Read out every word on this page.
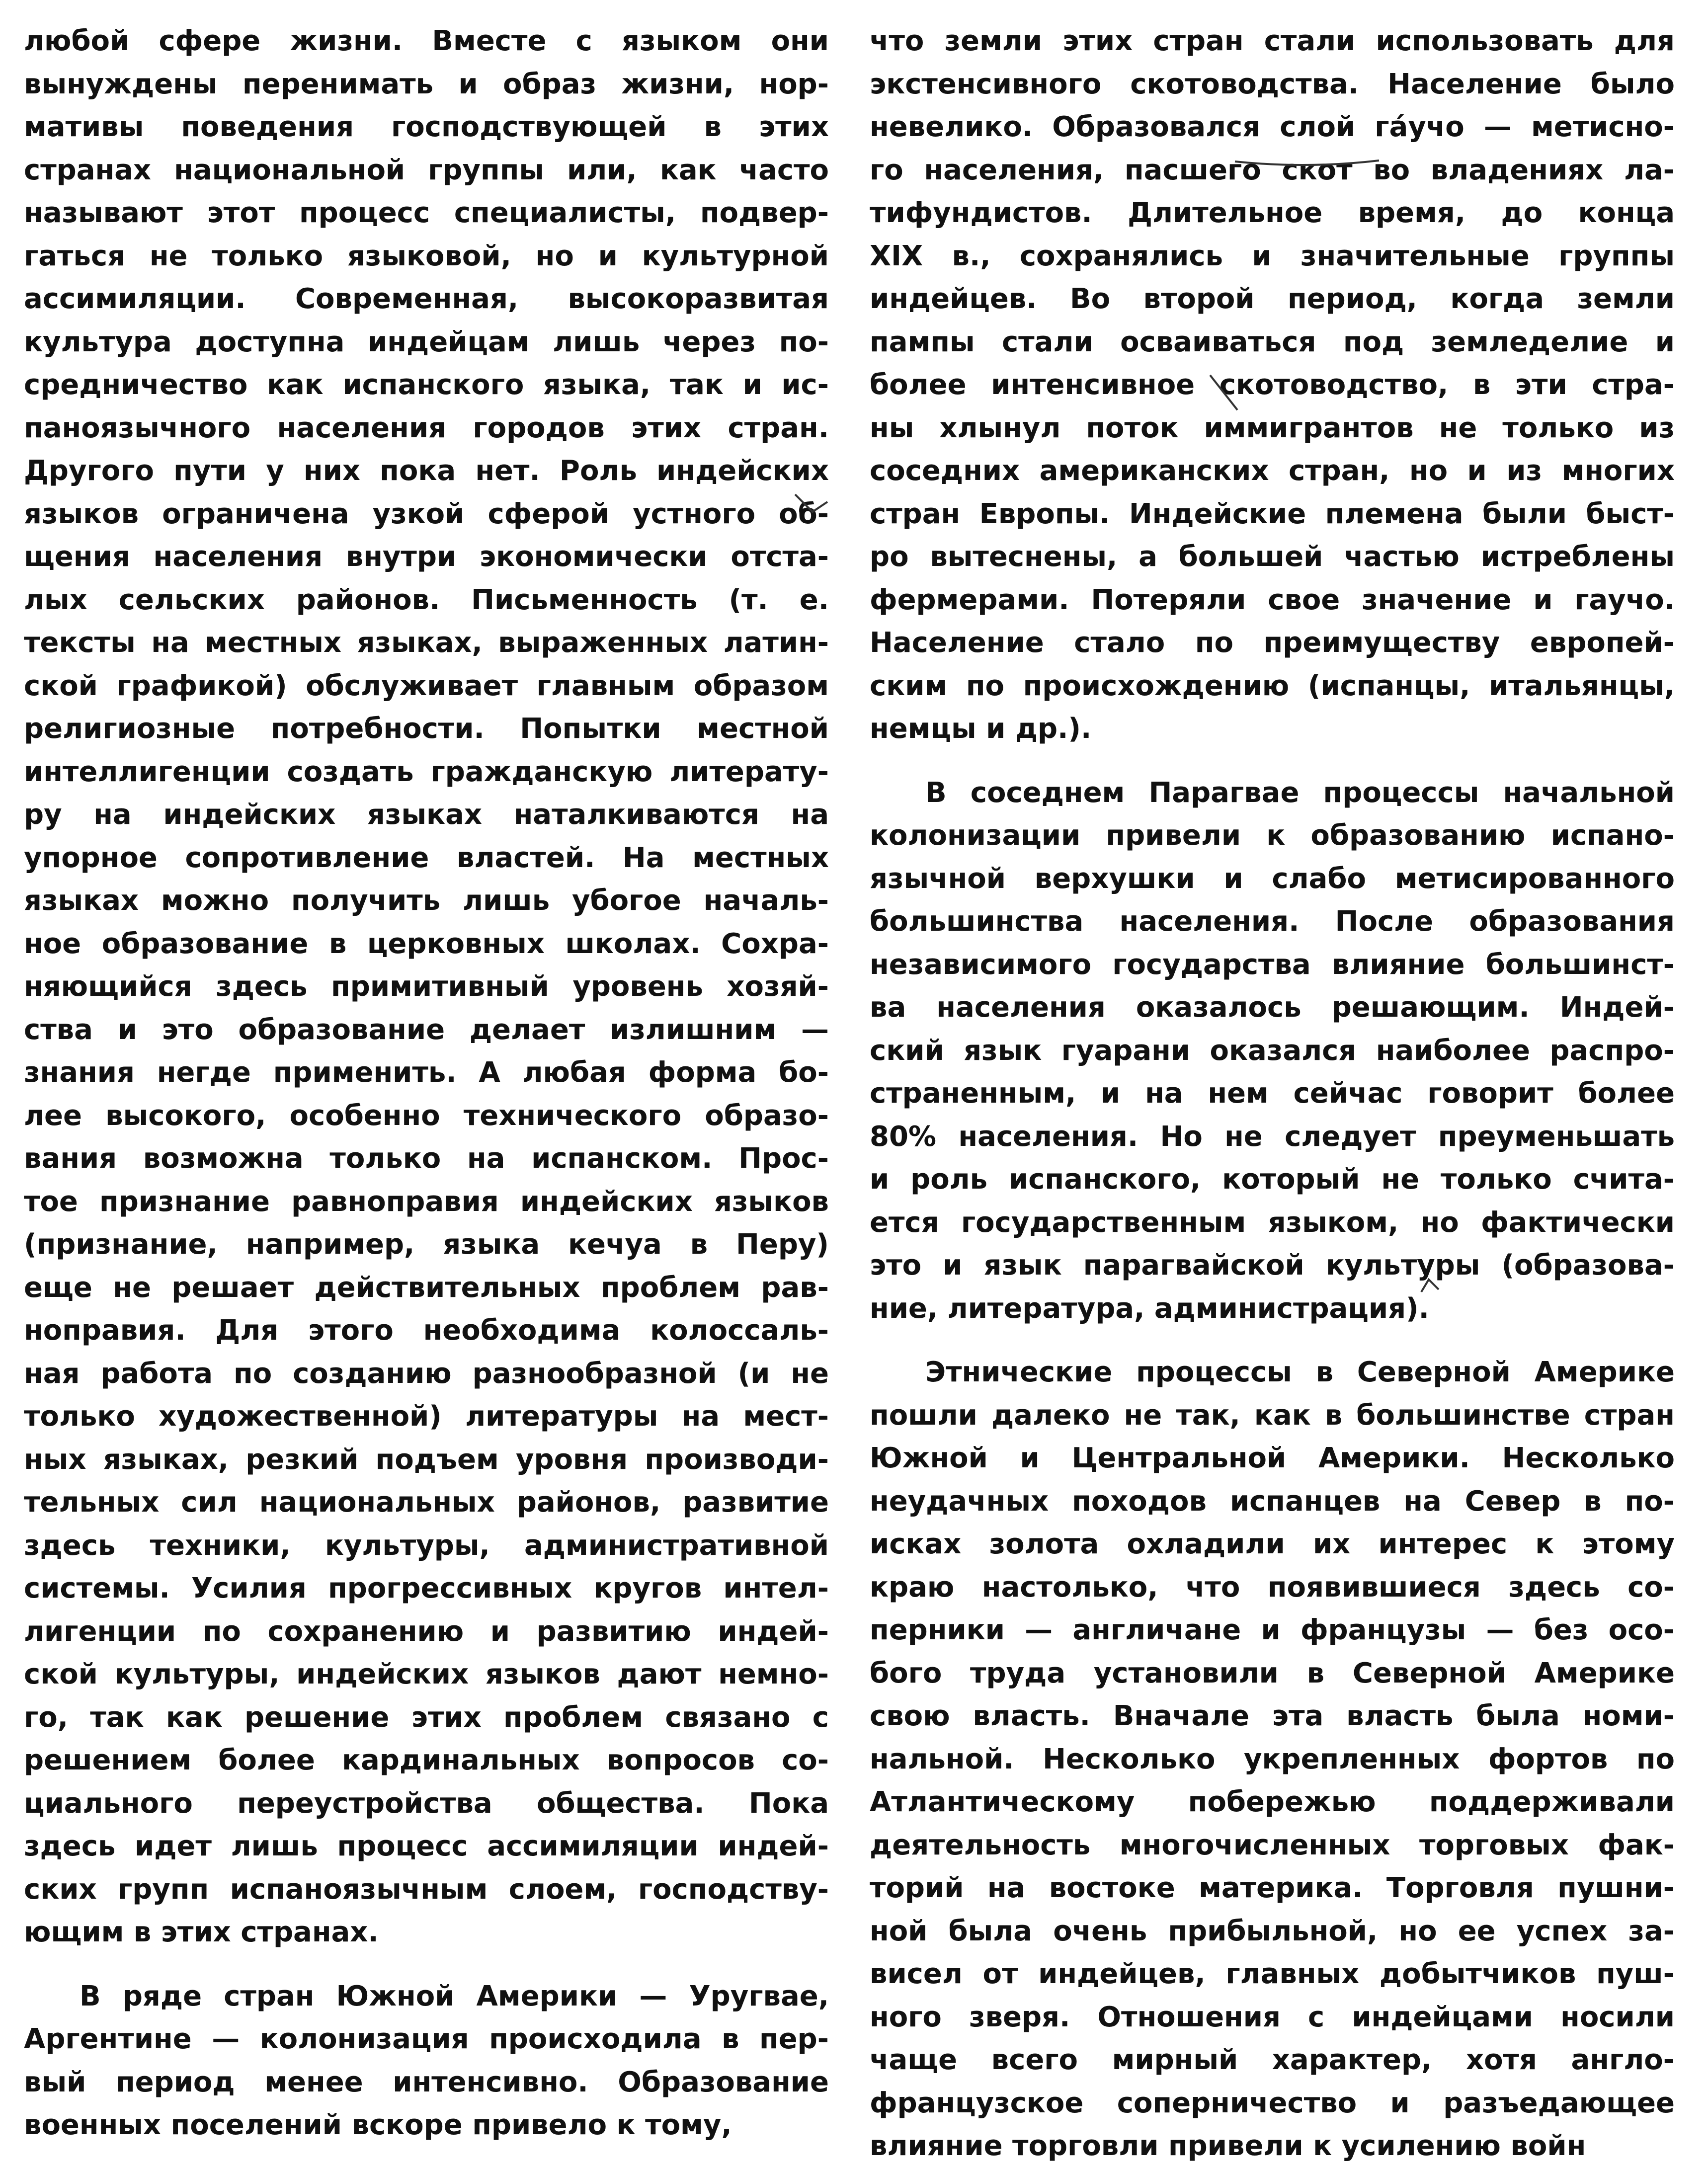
любой сфере жизни. Вместе с языком они
вынуждены перенимать и образ жизни, нор-
мативы поведения господствующей в этих
странах национальной группы или, как часто
называют этот процесс специалисты, подвер-
гаться не только языковой, но и культурной
ассимиляции. Современная, высокоразвитая
культура доступна индейцам лишь через по-
средничество как испанского языка, так и ис-
паноязычного населения городов этих стран.
Другого пути у них пока нет. Роль индейских
языков ограничена узкой сферой устного об-
щения населения внутри экономически отста-
лых сельских районов. Письменность (т. е.
тексты на местных языках, выраженных латин-
ской графикой) обслуживает главным образом
религиозные потребности. Попытки местной
интеллигенции создать гражданскую литерату-
ру на индейских языках наталкиваются на
упорное сопротивление властей. На местных
языках можно получить лишь убогое началь-
ное образование в церковных школах. Сохра-
няющийся здесь примитивный уровень хозяй-
ства и это образование делает излишним —
знания негде применить. А любая форма бо-
лее высокого, особенно технического образо-
вания возможна только на испанском. Прос-
тое признание равноправия индейских языков
(признание, например, языка кечуа в Перу)
еще не решает действительных проблем рав-
ноправия. Для этого необходима колоссаль-
ная работа по созданию разнообразной (и не
только художественной) литературы на мест-
ных языках, резкий подъем уровня производи-
тельных сил национальных районов, развитие
здесь техники, культуры, административной
системы. Усилия прогрессивных кругов интел-
лигенции по сохранению и развитию индей-
ской культуры, индейских языков дают немно-
го, так как решение этих проблем связано с
решением более кардинальных вопросов со-
циального переустройства общества. Пока
здесь идет лишь процесс ассимиляции индей-
ских групп испаноязычным слоем, господству-
ющим в этих странах.
В ряде стран Южной Америки — Уругвае,
Аргентине — колонизация происходила в пер-
вый период менее интенсивно. Образование
военных поселений вскоре привело к тому,
что земли этих стран стали использовать для
экстенсивного скотоводства. Население было
невелико. Образовался слой гáучо — метисно-
го населения, пасшего скот во владениях ла-
тифундистов. Длительное время, до конца
XIX в., сохранялись и значительные группы
индейцев. Во второй период, когда земли
пампы стали осваиваться под земледелие и
более интенсивное скотоводство, в эти стра-
ны хлынул поток иммигрантов не только из
соседних американских стран, но и из многих
стран Европы. Индейские племена были быст-
ро вытеснены, а большей частью истреблены
фермерами. Потеряли свое значение и гаучо.
Население стало по преимуществу европей-
ским по происхождению (испанцы, итальянцы,
немцы и др.).
В соседнем Парагвае процессы начальной
колонизации привели к образованию испано-
язычной верхушки и слабо метисированного
большинства населения. После образования
независимого государства влияние большинст-
ва населения оказалось решающим. Индей-
ский язык гуарани оказался наиболее распро-
страненным, и на нем сейчас говорит более
80% населения. Но не следует преуменьшать
и роль испанского, который не только счита-
ется государственным языком, но фактически
это и язык парагвайской культуры (образова-
ние, литература, администрация).
Этнические процессы в Северной Америке
пошли далеко не так, как в большинстве стран
Южной и Центральной Америки. Несколько
неудачных походов испанцев на Север в по-
исках золота охладили их интерес к этому
краю настолько, что появившиеся здесь со-
перники — англичане и французы — без осо-
бого труда установили в Северной Америке
свою власть. Вначале эта власть была номи-
нальной. Несколько укрепленных фортов по
Атлантическому побережью поддерживали
деятельность многочисленных торговых фак-
торий на востоке материка. Торговля пушни-
ной была очень прибыльной, но ее успех за-
висел от индейцев, главных добытчиков пуш-
ного зверя. Отношения с индейцами носили
чаще всего мирный характер, хотя англо-
французское соперничество и разъедающее
влияние торговли привели к усилению войн
